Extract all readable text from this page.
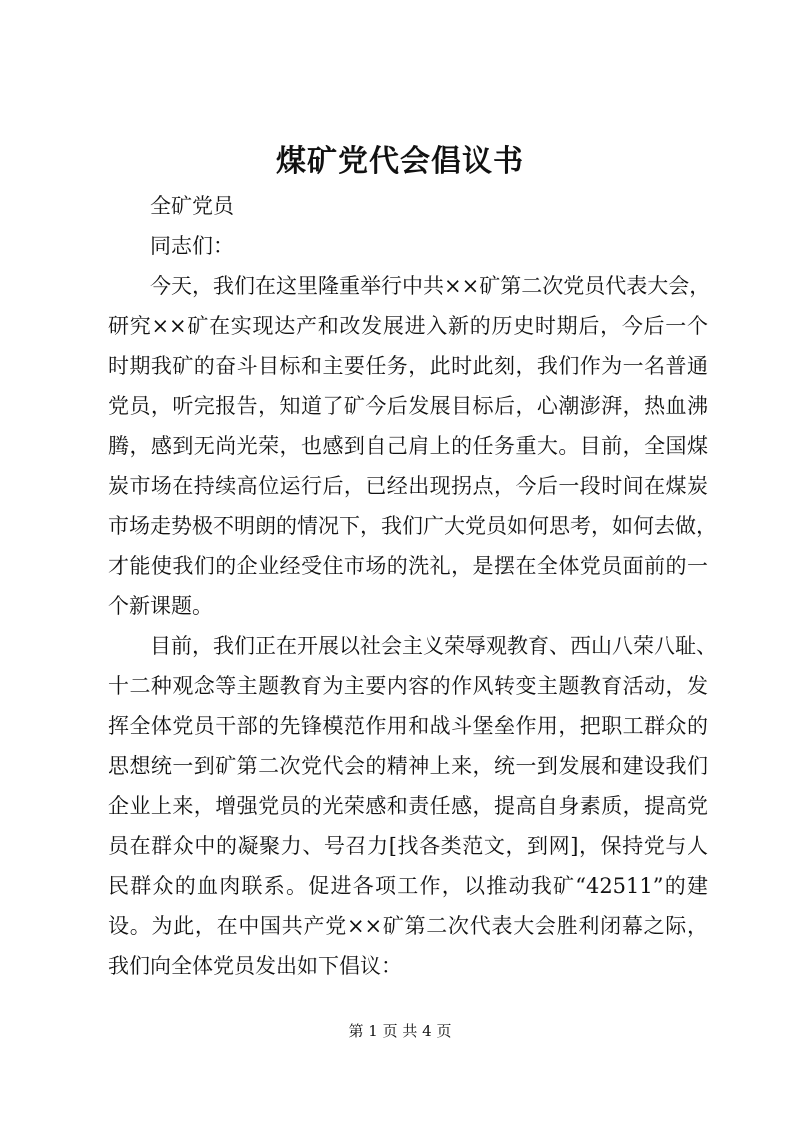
煤矿党代会倡议书
全矿党员
同志们：
今天，我们在这里隆重举行中共××矿第二次党员代表大会，
研究××矿在实现达产和改发展进入新的历史时期后，今后一个
时期我矿的奋斗目标和主要任务，此时此刻，我们作为一名普通
党员，听完报告，知道了矿今后发展目标后，心潮澎湃，热血沸
腾，感到无尚光荣，也感到自己肩上的任务重大。目前，全国煤
炭市场在持续高位运行后，已经出现拐点，今后一段时间在煤炭
市场走势极不明朗的情况下，我们广大党员如何思考，如何去做，
才能使我们的企业经受住市场的洗礼，是摆在全体党员面前的一
个新课题。
目前，我们正在开展以社会主义荣辱观教育、西山八荣八耻、
十二种观念等主题教育为主要内容的作风转变主题教育活动，发
挥全体党员干部的先锋模范作用和战斗堡垒作用，把职工群众的
思想统一到矿第二次党代会的精神上来，统一到发展和建设我们
企业上来，增强党员的光荣感和责任感，提高自身素质，提高党
员在群众中的凝聚力、号召力[找各类范文，到网]，保持党与人
民群众的血肉联系。促进各项工作，以推动我矿“42511”的建
设。为此，在中国共产党××矿第二次代表大会胜利闭幕之际，
我们向全体党员发出如下倡议：
第 1 页 共 4 页
